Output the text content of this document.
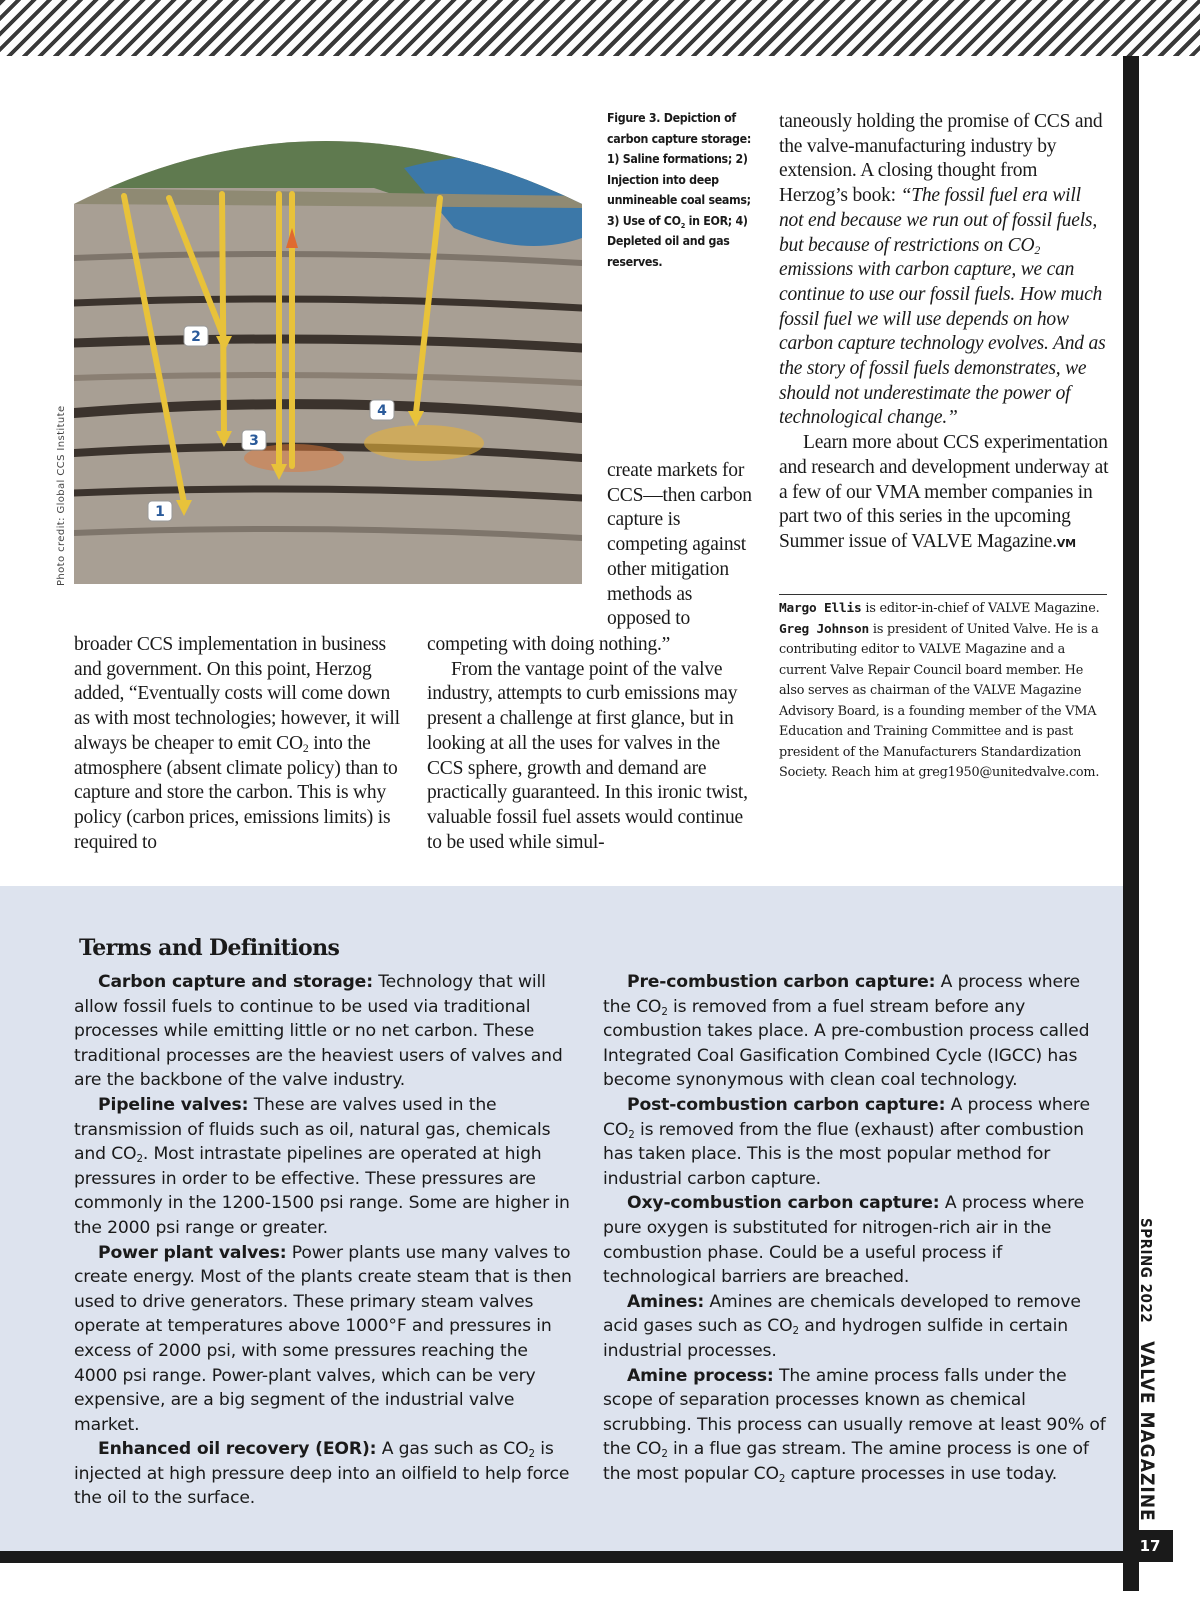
1
2
3
4
Photo credit: Global CCS Institute
Figure 3. Depiction of carbon capture storage: 1) Saline formations; 2) Injection into deep unmineable coal seams; 3) Use of $CO_2$ in EOR; 4) Depleted oil and gas reserves.

broader CCS implementation in business and government. On this point, Herzog added, “Eventually costs will come down as with most technologies; however, it will always be cheaper to emit $CO_2$ into the atmosphere (absent climate policy) than to capture and store the carbon. This is why policy (carbon prices, emissions limits) is required to

create markets for CCS—then carbon capture is competing against other mitigation methods as opposed to

competing with doing nothing.”

From the vantage point of the valve industry, attempts to curb emissions may present a challenge at first glance, but in looking at all the uses for valves in the CCS sphere, growth and demand are practically guaranteed. In this ironic twist, valuable fossil fuel assets would continue to be used while simul-

taneously holding the promise of CCS and the valve-manufacturing industry by extension. A closing thought from Herzog’s book: “The fossil fuel era will not end because we run out of fossil fuels, but because of restrictions on $CO_2$ emissions with carbon capture, we can continue to use our fossil fuels. How much fossil fuel we will use depends on how carbon capture technology evolves. And as the story of fossil fuels demonstrates, we should not underestimate the power of technological change.”

Learn more about CCS experimentation and research and development underway at a few of our VMA member companies in part two of this series in the upcoming Summer issue of VALVE Magazine.VM

Margo Ellis is editor-in-chief of VALVE Magazine.
Greg Johnson is president of United Valve. He is a contributing editor to VALVE Magazine and a current Valve Repair Council board member. He also serves as chairman of the VALVE Magazine Advisory Board, is a founding member of the VMA Education and Training Committee and is past president of the Manufacturers Standardization Society. Reach him at greg1950@unitedvalve.com.
Terms and Definitions

Carbon capture and storage: Technology that will allow fossil fuels to continue to be used via traditional processes while emitting little or no net carbon. These traditional processes are the heaviest users of valves and are the backbone of the valve industry.

Pipeline valves: These are valves used in the transmission of fluids such as oil, natural gas, chemicals and $CO_2$. Most intrastate pipelines are operated at high pressures in order to be effective. These pressures are commonly in the 1200-1500 psi range. Some are higher in the 2000 psi range or greater.

Power plant valves: Power plants use many valves to create energy. Most of the plants create steam that is then used to drive generators. These primary steam valves operate at temperatures above 1000°F and pressures in excess of 2000 psi, with some pressures reaching the 4000 psi range. Power-plant valves, which can be very expensive, are a big segment of the industrial valve market.

Enhanced oil recovery (EOR): A gas such as $CO_2$ is injected at high pressure deep into an oilfield to help force the oil to the surface.

Pre-combustion carbon capture: A process where the $CO_2$ is removed from a fuel stream before any combustion takes place. A pre-combustion process called Integrated Coal Gasification Combined Cycle (IGCC) has become synonymous with clean coal technology.

Post-combustion carbon capture: A process where $CO_2$ is removed from the flue (exhaust) after combustion has taken place. This is the most popular method for industrial carbon capture.

Oxy-combustion carbon capture: A process where pure oxygen is substituted for nitrogen-rich air in the combustion phase. Could be a useful process if technological barriers are breached.

Amines: Amines are chemicals developed to remove acid gases such as $CO_2$ and hydrogen sulfide in certain industrial processes.

Amine process: The amine process falls under the scope of separation processes known as chemical scrubbing. This process can usually remove at least 90% of the $CO_2$ in a flue gas stream. The amine process is one of the most popular $CO_2$ capture processes in use today.

SPRING 2022VALVE MAGAZINE
17
